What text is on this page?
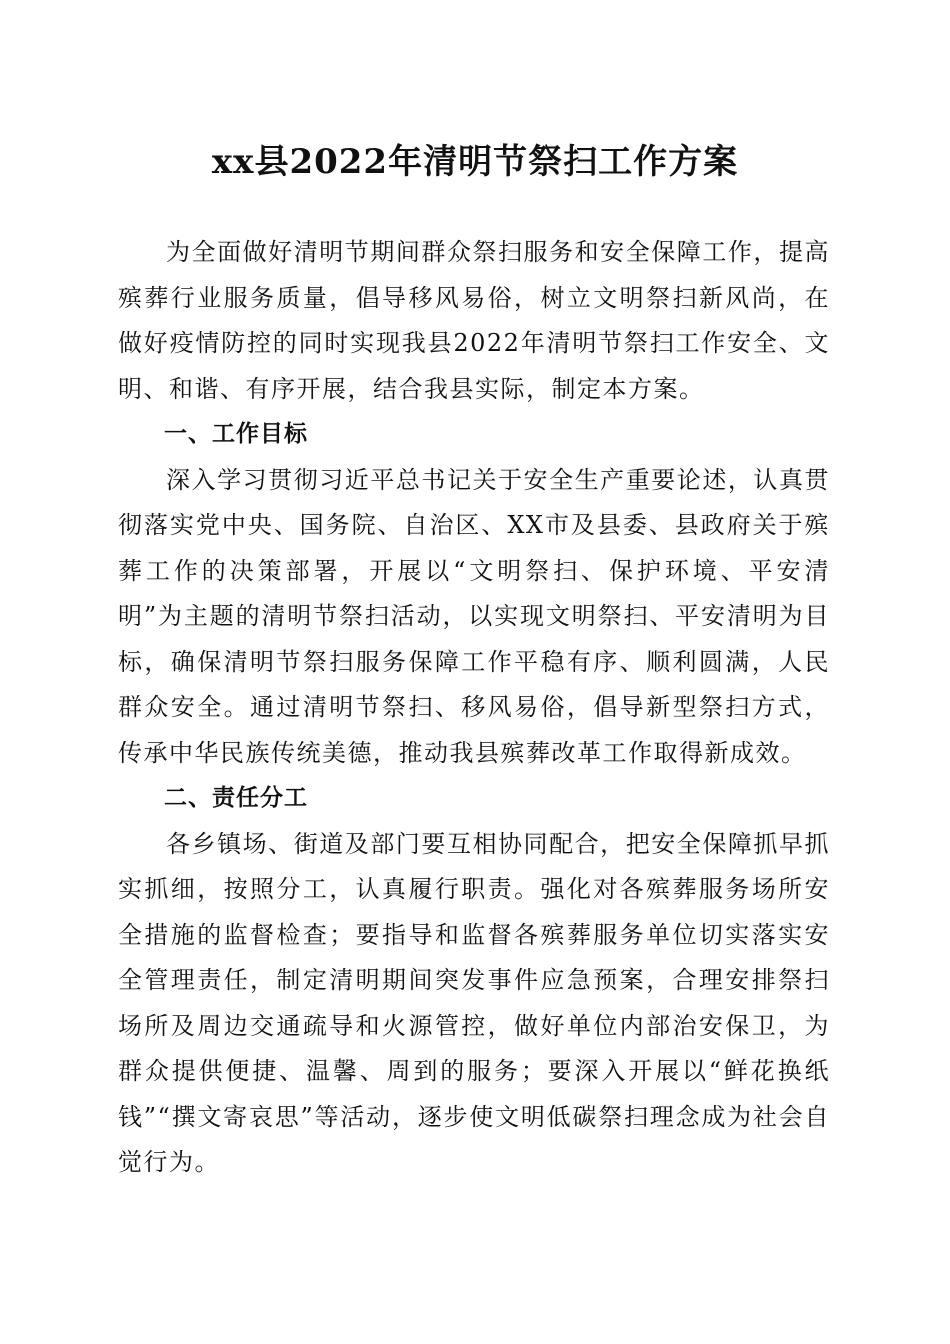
xx县2022年清明节祭扫工作方案

为全面做好清明节期间群众祭扫服务和安全保障工作，提高殡葬行业服务质量，倡导移风易俗，树立文明祭扫新风尚，在做好疫情防控的同时实现我县2022年清明节祭扫工作安全、文明、和谐、有序开展，结合我县实际，制定本方案。

一、工作目标

深入学习贯彻习近平总书记关于安全生产重要论述，认真贯彻落实党中央、国务院、自治区、XX市及县委、县政府关于殡葬工作的决策部署，开展以“文明祭扫、保护环境、平安清明”为主题的清明节祭扫活动，以实现文明祭扫、平安清明为目标，确保清明节祭扫服务保障工作平稳有序、顺利圆满，人民群众安全。通过清明节祭扫、移风易俗，倡导新型祭扫方式，传承中华民族传统美德，推动我县殡葬改革工作取得新成效。

二、责任分工

各乡镇场、街道及部门要互相协同配合，把安全保障抓早抓实抓细，按照分工，认真履行职责。强化对各殡葬服务场所安全措施的监督检查；要指导和监督各殡葬服务单位切实落实安全管理责任，制定清明期间突发事件应急预案，合理安排祭扫场所及周边交通疏导和火源管控，做好单位内部治安保卫，为群众提供便捷、温馨、周到的服务；要深入开展以“鲜花换纸钱”“撰文寄哀思”等活动，逐步使文明低碳祭扫理念成为社会自觉行为。
